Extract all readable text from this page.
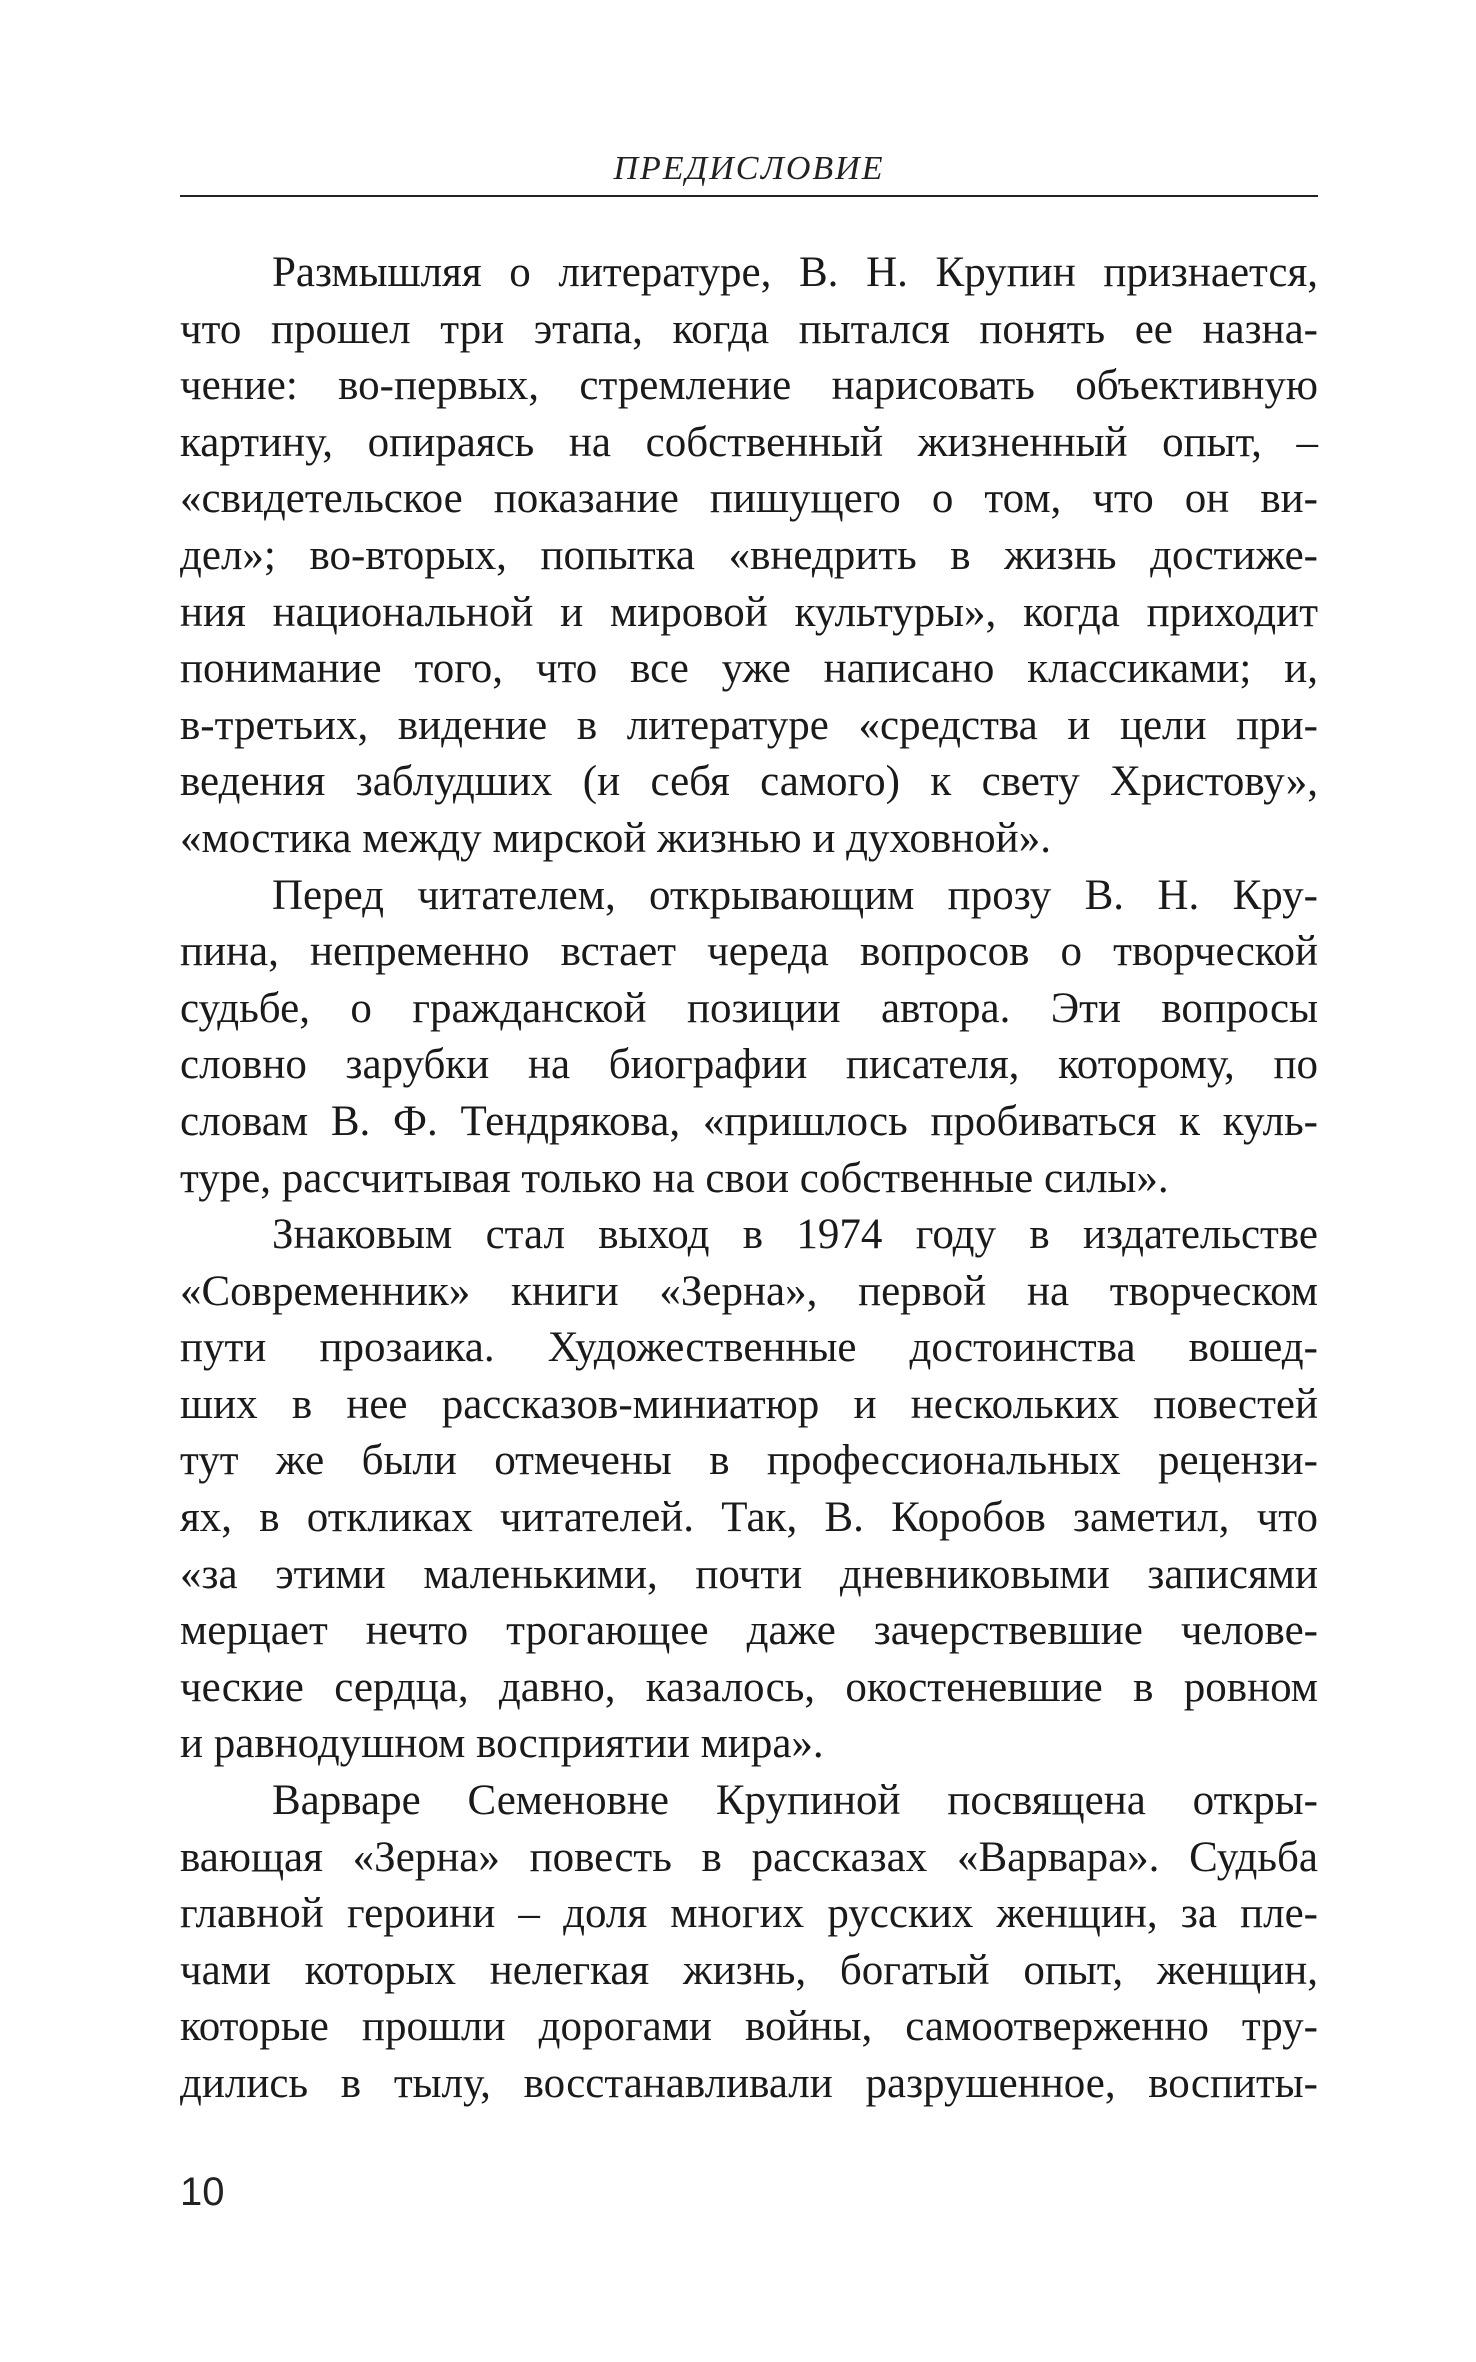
ПРЕДИСЛОВИЕ
Размышляя о литературе, В. Н. Крупин признается,
что прошел три этапа, когда пытался понять ее назна-
чение: во-первых, стремление нарисовать объективную
картину, опираясь на собственный жизненный опыт, –
«свидетельское показание пишущего о том, что он ви-
дел»; во-вторых, попытка «внедрить в жизнь достиже-
ния национальной и мировой культуры», когда приходит
понимание того, что все уже написано классиками; и,
в-третьих, видение в литературе «средства и цели при-
ведения заблудших (и себя самого) к свету Христову»,
«мостика между мирской жизнью и духовной».
Перед читателем, открывающим прозу В. Н. Кру-
пина, непременно встает череда вопросов о творческой
судьбе, о гражданской позиции автора. Эти вопросы
словно зарубки на биографии писателя, которому, по
словам В. Ф. Тендрякова, «пришлось пробиваться к куль-
туре, рассчитывая только на свои собственные силы».
Знаковым стал выход в 1974 году в издательстве
«Современник» книги «Зерна», первой на творческом
пути прозаика. Художественные достоинства вошед-
ших в нее рассказов-миниатюр и нескольких повестей
тут же были отмечены в профессиональных рецензи-
ях, в откликах читателей. Так, В. Коробов заметил, что
«за этими маленькими, почти дневниковыми записями
мерцает нечто трогающее даже зачерствевшие челове-
ческие сердца, давно, казалось, окостеневшие в ровном
и равнодушном восприятии мира».
Варваре Семеновне Крупиной посвящена откры-
вающая «Зерна» повесть в рассказах «Варвара». Судьба
главной героини – доля многих русских женщин, за пле-
чами которых нелегкая жизнь, богатый опыт, женщин,
которые прошли дорогами войны, самоотверженно тру-
дились в тылу, восстанавливали разрушенное, воспиты-
10
